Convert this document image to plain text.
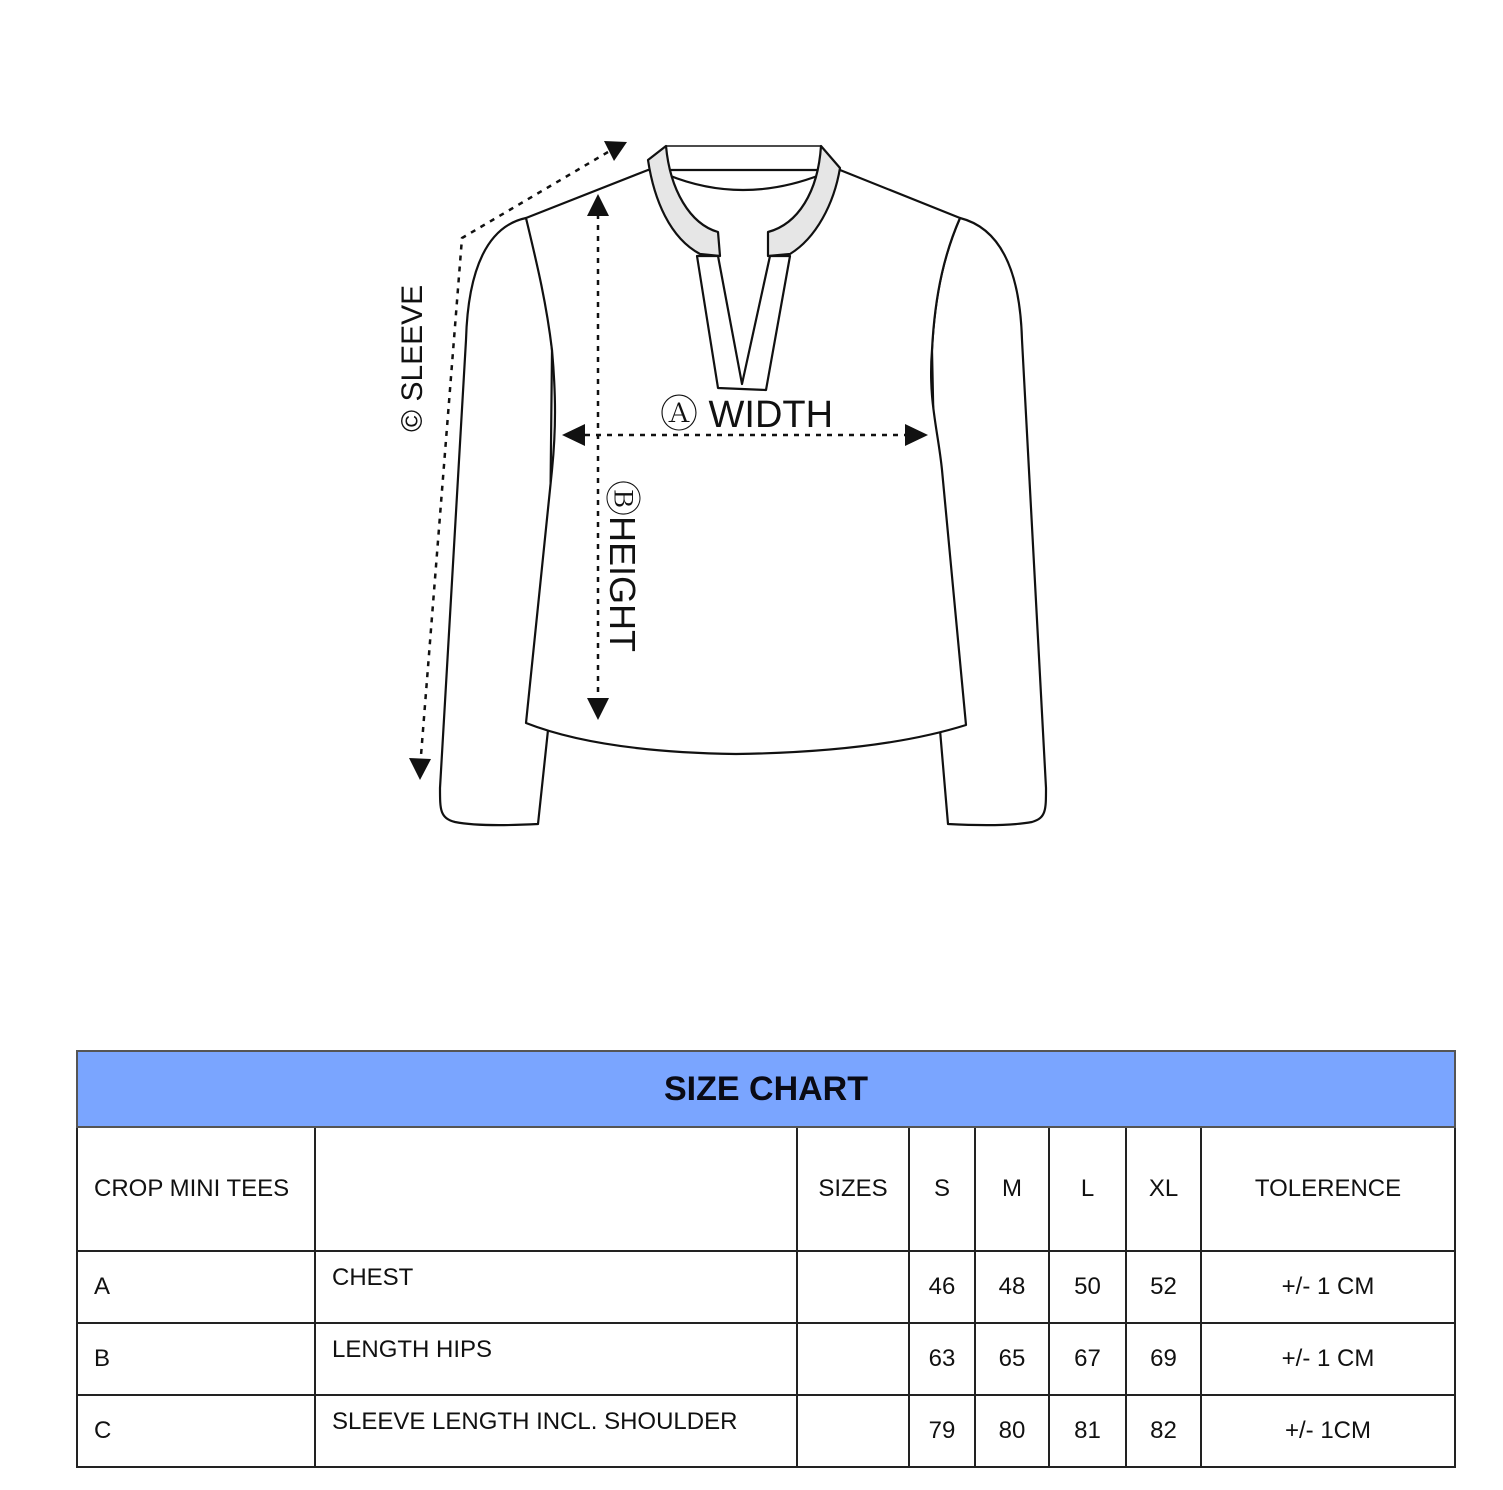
Ⓐ WIDTH
ⒷHEIGHT
© SLEEVE
SIZE CHART							
CROP MINI TEES		SIZES	S	M	L	XL	TOLERENCE
A	CHEST		46	48	50	52	+/- 1 CM
B	LENGTH HIPS		63	65	67	69	+/- 1 CM
C	SLEEVE LENGTH INCL. SHOULDER		79	80	81	82	+/- 1CM
